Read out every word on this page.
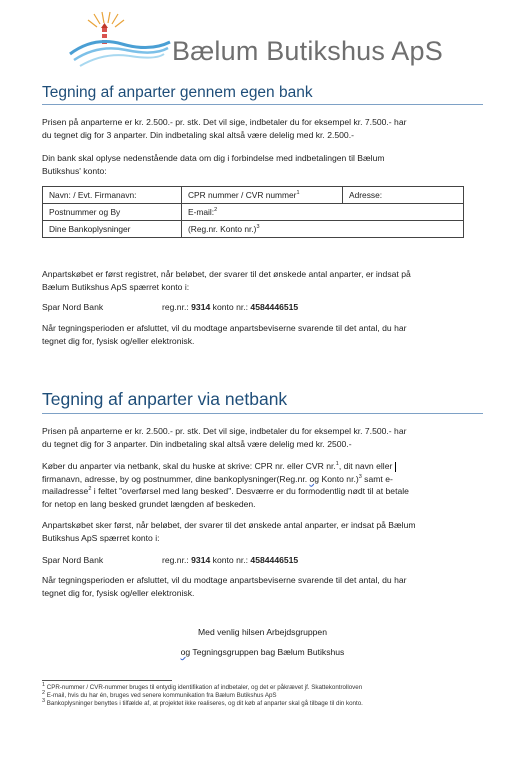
Bælum Butikshus ApS
Tegning af anparter gennem egen bank
Prisen på anparterne er kr. 2.500.- pr. stk. Det vil sige, indbetaler du for eksempel kr. 7.500.- har
du tegnet dig for 3 anparter. Din indbetaling skal altså være delelig med kr. 2.500.-
Din bank skal oplyse nedenstående data om dig i forbindelse med indbetalingen til Bælum
Butikshus' konto:
Navn: / Evt. Firmanavn:	CPR nummer / CVR nummer$^1$	Adresse:
Postnummer og By	E-mail:$^2$
Dine Bankoplysninger	(Reg.nr. Konto nr.)$^3$
Anpartskøbet er først registret, når beløbet, der svarer til det ønskede antal anparter, er indsat på
Bælum Butikshus ApS spærret konto i:
Spar Nord Bank	reg.nr.: 9314 konto nr.: 4584446515
Når tegningsperioden er afsluttet, vil du modtage anpartsbeviserne svarende til det antal, du har
tegnet dig for, fysisk og/eller elektronisk.
Tegning af anparter via netbank
Prisen på anparterne er kr. 2.500.- pr. stk. Det vil sige, indbetaler du for eksempel kr. 7.500.- har
du tegnet dig for 3 anparter. Din indbetaling skal altså være delelig med kr. 2500.-
Køber du anparter via netbank, skal du huske at skrive: CPR nr. eller CVR nr.$^1$, dit navn eller
firmanavn, adresse, by og postnummer, dine bankoplysninger(Reg.nr. og Konto nr.)$^3$ samt e-
mailadresse$^2$ i feltet "overførsel med lang besked". Desværre er du formodentlig nødt til at betale
for netop en lang besked grundet længden af beskeden.
Anpartskøbet sker først, når beløbet, der svarer til det ønskede antal anparter, er indsat på Bælum
Butikshus ApS spærret konto i:
Spar Nord Bank	reg.nr.: 9314 konto nr.: 4584446515
Når tegningsperioden er afsluttet, vil du modtage anpartsbeviserne svarende til det antal, du har
tegnet dig for, fysisk og/eller elektronisk.
Med venlig hilsen Arbejdsgruppen
og Tegningsgruppen bag Bælum Butikshus
$^1$ CPR-nummer / CVR-nummer bruges til entydig identifikation af indbetaler, og det er påkrævet jf. Skattekontrolloven
$^2$ E-mail, hvis du har én, bruges ved senere kommunikation fra Bælum Butikshus ApS
$^3$ Bankoplysninger benyttes i tilfælde af, at projektet ikke realiseres, og dit køb af anparter skal gå tilbage til din konto.
